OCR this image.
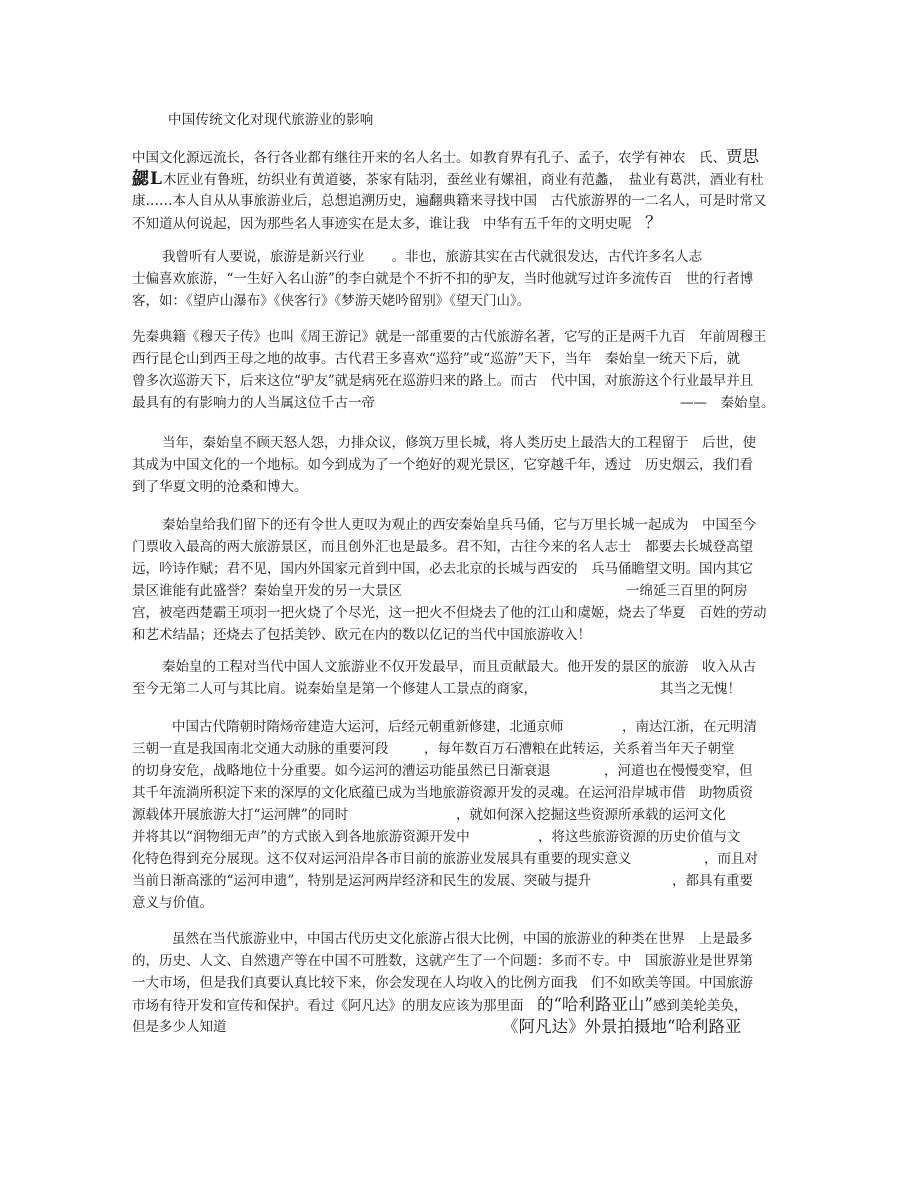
中国传统文化对现代旅游业的影响
中国文化源远流长，各行各业都有继往开来的名人名士。如教育界有孔子、孟子，农学有神农　氏、贾思
勰L木匠业有鲁班，纺织业有黄道婆，茶家有陆羽，蚕丝业有嫘祖，商业有范蠡，　盐业有葛洪，酒业有杜
康……本人自从从事旅游业后，总想追溯历史，遍翻典籍来寻找中国　古代旅游界的一二名人，可是时常又
不知道从何说起，因为那些名人事迹实在是太多，谁让我　中华有五千年的文明史呢　？
我曾听有人要说，旅游是新兴行业　　。非也，旅游其实在古代就很发达，古代许多名人志
士偏喜欢旅游，“一生好入名山游”的李白就是个不折不扣的驴友，当时他就写过许多流传百　世的行者博
客，如：《望庐山瀑布》《侠客行》《梦游天姥吟留别》《望天门山》。
先秦典籍《穆天子传》也叫《周王游记》就是一部重要的古代旅游名著，它写的正是两千九百　年前周穆王
西行昆仑山到西王母之地的故事。古代君王多喜欢“巡狩”或“巡游”天下，当年　秦始皇一统天下后，就
曾多次巡游天下，后来这位“驴友”就是病死在巡游归来的路上。而古　代中国，对旅游这个行业最早并且
最具有的有影响力的人当属这位千古一帝	——　秦始皇。
当年，秦始皇不顾天怒人怨，力排众议，修筑万里长城，将人类历史上最浩大的工程留于　后世，使
其成为中国文化的一个地标。如今到成为了一个绝好的观光景区，它穿越千年，透过　历史烟云，我们看
到了华夏文明的沧桑和博大。
秦始皇给我们留下的还有令世人更叹为观止的西安秦始皇兵马俑，它与万里长城一起成为　中国至今
门票收入最高的两大旅游景区，而且创外汇也是最多。君不知，古往今来的名人志士　都要去长城登高望
远，吟诗作赋；君不见，国内外国家元首到中国，必去北京的长城与西安的　兵马俑瞻望文明。国内其它
景区谁能有此盛誉？秦始皇开发的另一大景区	一绵延三百里的阿房
宫，被亳西楚霸王项羽一把火烧了个尽光，这一把火不但烧去了他的江山和虞姬，烧去了华夏　百姓的劳动
和艺术结晶；还烧去了包括美钞、欧元在内的数以亿记的当代中国旅游收入！
秦始皇的工程对当代中国人文旅游业不仅开发最早，而且贡献最大。他开发的景区的旅游　收入从古
至今无第二人可与其比肩。说秦始皇是第一个修建人工景点的商家，	其当之无愧！
中国古代隋朝时隋炀帝建造大运河，后经元朝重新修建，北通京师	，南达江浙，在元明清
三朝一直是我国南北交通大动脉的重要河段	，每年数百万石漕粮在此转运，关系着当年天子朝堂
的切身安危，战略地位十分重要。如今运河的漕运功能虽然已日渐衰退	，河道也在慢慢变窄，但
其千年流淌所积淀下来的深厚的文化底蕴已成为当地旅游资源开发的灵魂。在运河沿岸城市借　助物质资
源载体开展旅游大打“运河牌”的同时	，就如何深入挖掘这些资源所承载的运河文化
并将其以“润物细无声”的方式嵌入到各地旅游资源开发中	，将这些旅游资源的历史价值与文
化特色得到充分展现。这不仅对运河沿岸各市目前的旅游业发展具有重要的现实意义	，而且对
当前日渐高涨的“运河申遗”，特别是运河两岸经济和民生的发展、突破与提升	，都具有重要
意义与价值。
虽然在当代旅游业中，中国古代历史文化旅游占很大比例，中国的旅游业的种类在世界　上是最多
的，历史、人文、自然遗产等在中国不可胜数，这就产生了一个问题：多而不专。中　国旅游业是世界第
一大市场，但是我们真要认真比较下来，你会发现在人均收入的比例方面我　们不如欧美等国。中国旅游
市场有待开发和宣传和保护。看过《阿凡达》的朋友应该为那里面　的“哈利路亚山”感到美轮美奂，
但是多少人知道	《阿凡达》外景拍摄地“哈利路亚
